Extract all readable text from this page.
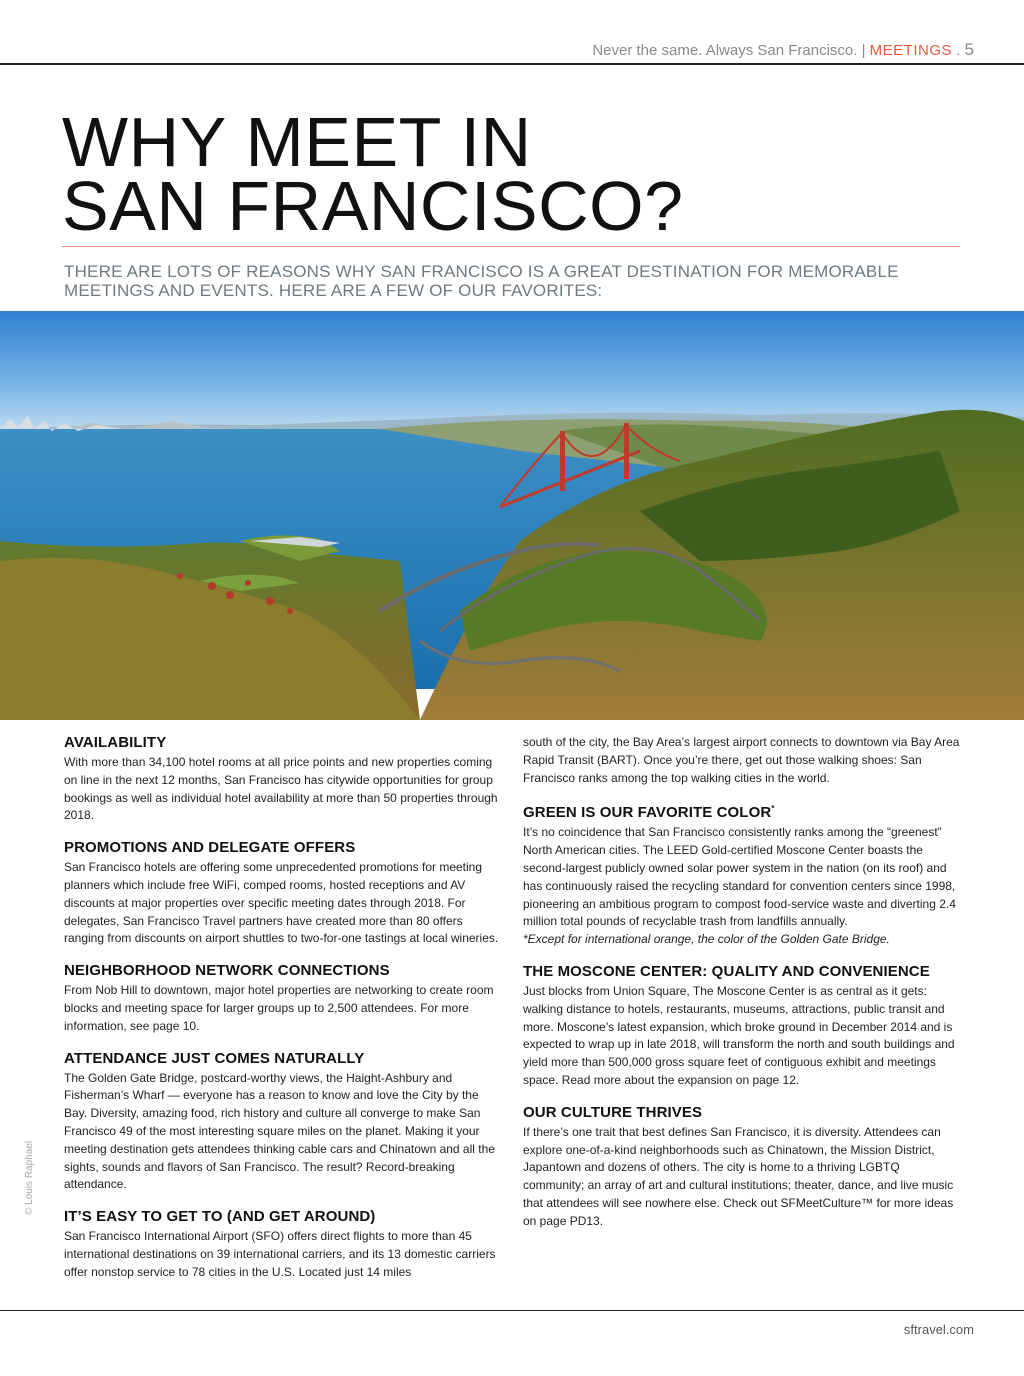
Never the same. Always San Francisco. | MEETINGS . 5
WHY MEET IN
SAN FRANCISCO?
THERE ARE LOTS OF REASONS WHY SAN FRANCISCO IS A GREAT DESTINATION FOR MEMORABLE MEETINGS AND EVENTS. HERE ARE A FEW OF OUR FAVORITES:
© Louis Raphael
AVAILABILITY

With more than 34,100 hotel rooms at all price points and new properties coming on line in the next 12 months, San Francisco has citywide opportunities for group bookings as well as individual hotel availability at more than 50 properties through 2018.

PROMOTIONS AND DELEGATE OFFERS

San Francisco hotels are offering some unprecedented promotions for meeting planners which include free WiFi, comped rooms, hosted receptions and AV discounts at major properties over specific meeting dates through 2018. For delegates, San Francisco Travel partners have created more than 80 offers ranging from discounts on airport shuttles to two-for-one tastings at local wineries.

NEIGHBORHOOD NETWORK CONNECTIONS

From Nob Hill to downtown, major hotel properties are networking to create room blocks and meeting space for larger groups up to 2,500 attendees. For more information, see page 10.

ATTENDANCE JUST COMES NATURALLY

The Golden Gate Bridge, postcard-worthy views, the Haight-Ashbury and Fisherman’s Wharf — everyone has a reason to know and love the City by the Bay. Diversity, amazing food, rich history and culture all converge to make San Francisco 49 of the most interesting square miles on the planet. Making it your meeting destination gets attendees thinking cable cars and Chinatown and all the sights, sounds and flavors of San Francisco. The result? Record-breaking attendance.

IT’S EASY TO GET TO (AND GET AROUND)

San Francisco International Airport (SFO) offers direct flights to more than 45 international destinations on 39 international carriers, and its 13 domestic carriers offer nonstop service to 78 cities in the U.S. Located just 14 miles

south of the city, the Bay Area’s largest airport connects to downtown via Bay Area Rapid Transit (BART). Once you’re there, get out those walking shoes: San Francisco ranks among the top walking cities in the world.

GREEN IS OUR FAVORITE COLOR*

It’s no coincidence that San Francisco consistently ranks among the “greenest” North American cities. The LEED Gold-certified Moscone Center boasts the second-largest publicly owned solar power system in the nation (on its roof) and has continuously raised the recycling standard for convention centers since 1998, pioneering an ambitious program to compost food-service waste and diverting 2.4 million total pounds of recyclable trash from landfills annually.

*Except for international orange, the color of the Golden Gate Bridge.

THE MOSCONE CENTER: QUALITY AND CONVENIENCE

Just blocks from Union Square, The Moscone Center is as central as it gets: walking distance to hotels, restaurants, museums, attractions, public transit and more. Moscone’s latest expansion, which broke ground in December 2014 and is expected to wrap up in late 2018, will transform the north and south buildings and yield more than 500,000 gross square feet of contiguous exhibit and meetings space. Read more about the expansion on page 12.

OUR CULTURE THRIVES

If there’s one trait that best defines San Francisco, it is diversity. Attendees can explore one-of-a-kind neighborhoods such as Chinatown, the Mission District, Japantown and dozens of others. The city is home to a thriving LGBTQ community; an array of art and cultural institutions; theater, dance, and live music that attendees will see nowhere else. Check out SFMeetCulture™ for more ideas on page PD13.

sftravel.com
